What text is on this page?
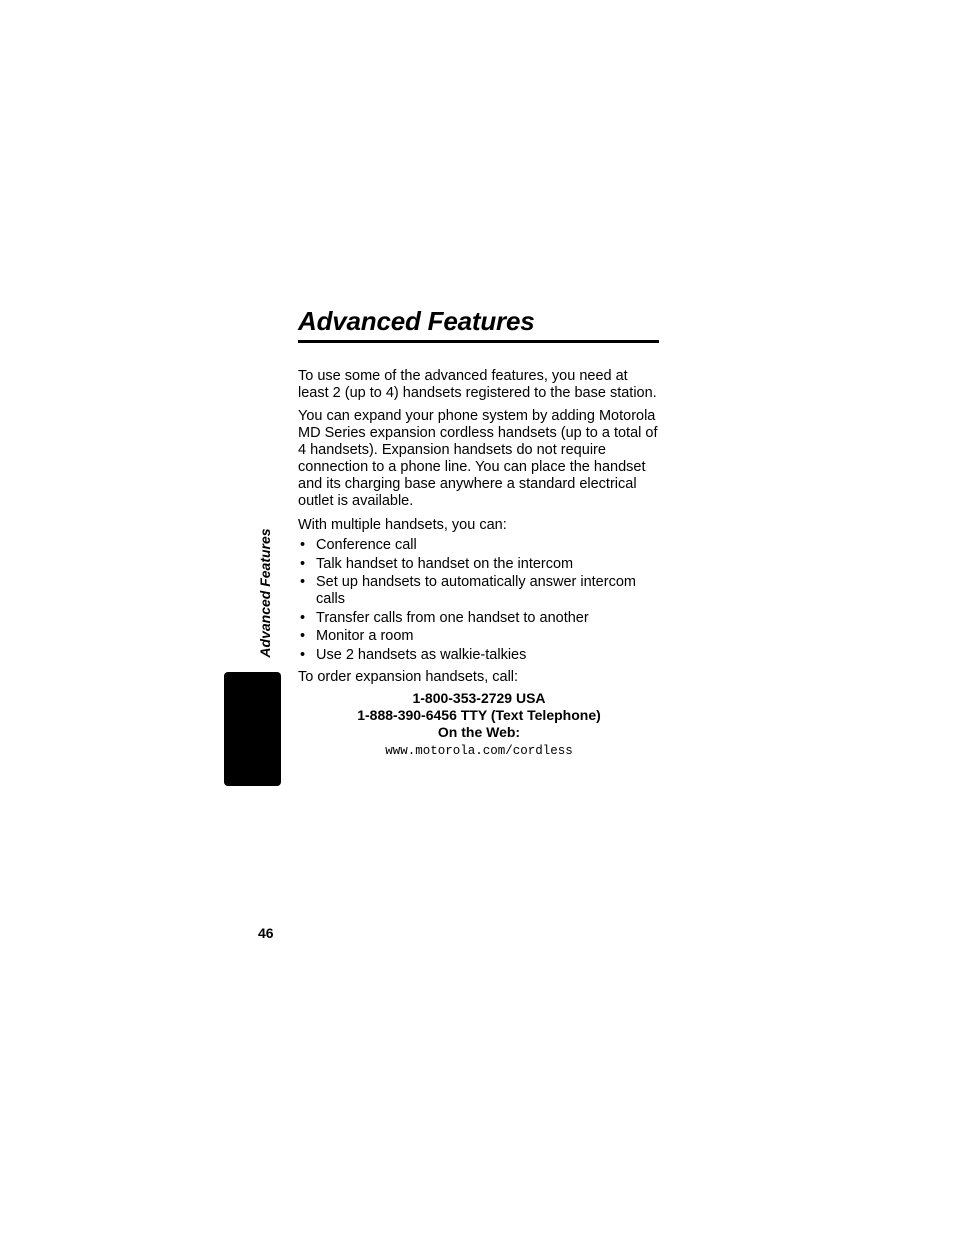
Advanced Features

To use some of the advanced features, you need at least 2 (up to 4) handsets registered to the base station.

You can expand your phone system by adding Motorola MD Series expansion cordless handsets (up to a total of 4 handsets). Expansion handsets do not require connection to a phone line. You can place the handset and its charging base anywhere a standard electrical outlet is available.

With multiple handsets, you can:

• Conference call
• Talk handset to handset on the intercom
• Set up handsets to automatically answer intercom calls
• Transfer calls from one handset to another
• Monitor a room
• Use 2 handsets as walkie-talkies

To order expansion handsets, call:

1-800-353-2729 USA
1-888-390-6456 TTY (Text Telephone)
On the Web:
www.motorola.com/cordless
Advanced Features
46
